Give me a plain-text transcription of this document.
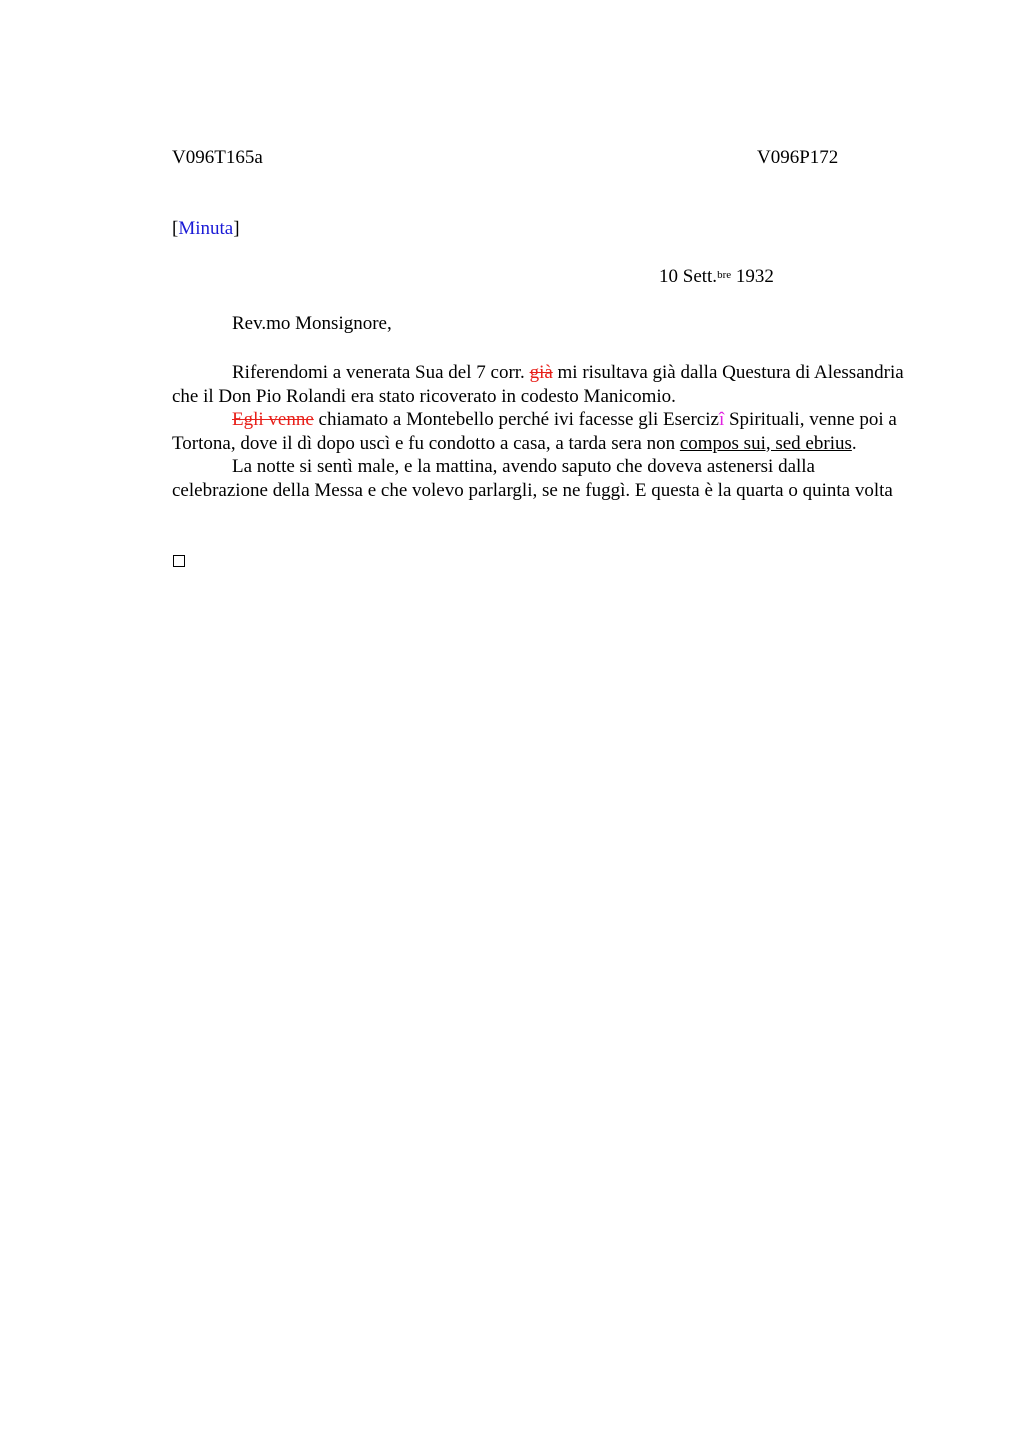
V096T165a	V096P172
[Minuta]
10 Sett.$^{bre}$ 1932
Rev.mo Monsignore,

Riferendomi a venerata Sua del 7 corr. già mi risultava già dalla Questura di Alessandria che il Don Pio Rolandi era stato ricoverato in codesto Manicomio.

Egli venne chiamato a Montebello perché ivi facesse gli Esercizî Spirituali, venne poi a Tortona, dove il dì dopo uscì e fu condotto a casa, a tarda sera non compos sui, sed ebrius.

La notte si sentì male, e la mattina, avendo saputo che doveva astenersi dalla celebrazione della Messa e che volevo parlargli, se ne fuggì. E questa è la quarta o quinta volta
